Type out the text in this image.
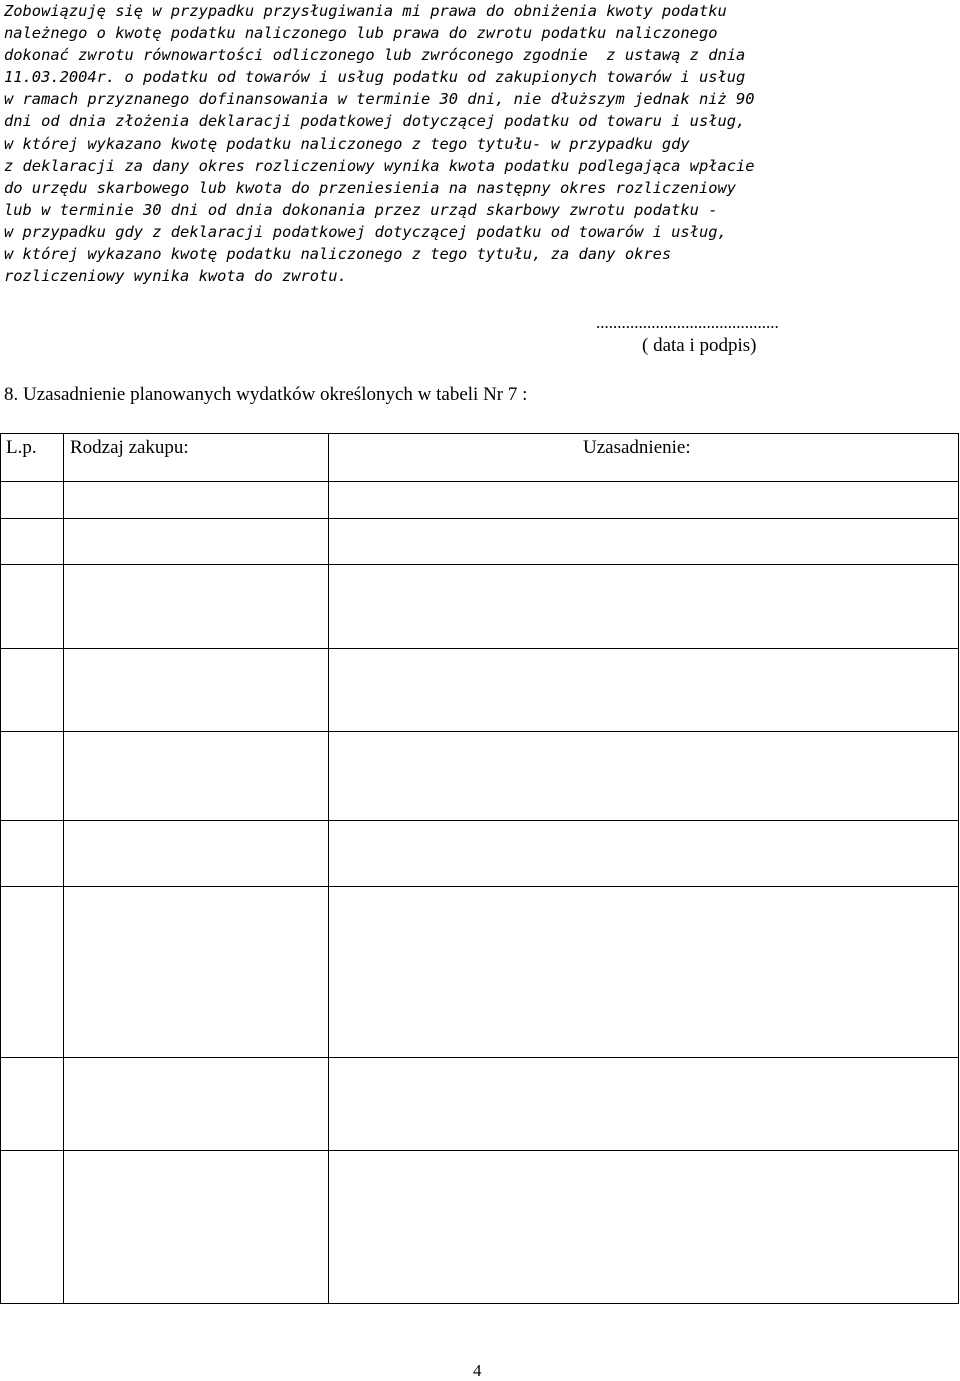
Zobowiązuję się w przypadku przysługiwania mi prawa do obniżenia kwoty podatku
należnego o kwotę podatku naliczonego lub prawa do zwrotu podatku naliczonego
dokonać zwrotu równowartości odliczonego lub zwróconego zgodnie  z ustawą z dnia
11.03.2004r. o podatku od towarów i usług podatku od zakupionych towarów i usług
w ramach przyznanego dofinansowania w terminie 30 dni, nie dłuższym jednak niż 90
dni od dnia złożenia deklaracji podatkowej dotyczącej podatku od towaru i usług,
w której wykazano kwotę podatku naliczonego z tego tytułu- w przypadku gdy
z deklaracji za dany okres rozliczeniowy wynika kwota podatku podlegająca wpłacie
do urzędu skarbowego lub kwota do przeniesienia na następny okres rozliczeniowy
lub w terminie 30 dni od dnia dokonania przez urząd skarbowy zwrotu podatku -
w przypadku gdy z deklaracji podatkowej dotyczącej podatku od towarów i usług,
w której wykazano kwotę podatku naliczonego z tego tytułu, za dany okres
rozliczeniowy wynika kwota do zwrotu.
...........................................
( data i podpis)
8. Uzasadnienie planowanych wydatków określonych w tabeli Nr 7 :
L.p. Rodzaj zakupu:	Uzasadnienie:
4
